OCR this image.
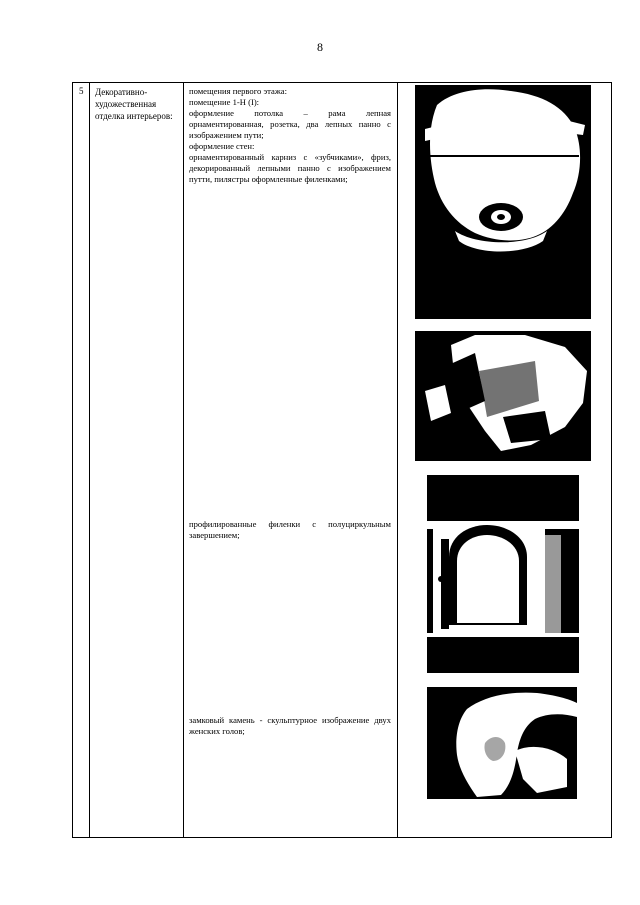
8
5 Декоративно-художественная отделка интерьеров:

помещения первого этажа:

помещение 1-Н (I):

оформление потолка – рама лепная орнаментированная, розетка, два лепных панно с изображением пути;

оформление стен:

орнаментированный карниз с «зубчиками», фриз, декорированный лепными панно с изображением путти, пилястры оформленные филенками;

профилированные филенки с полуциркульным завершением;

замковый камень - скульптурное изображение двух женских голов;
